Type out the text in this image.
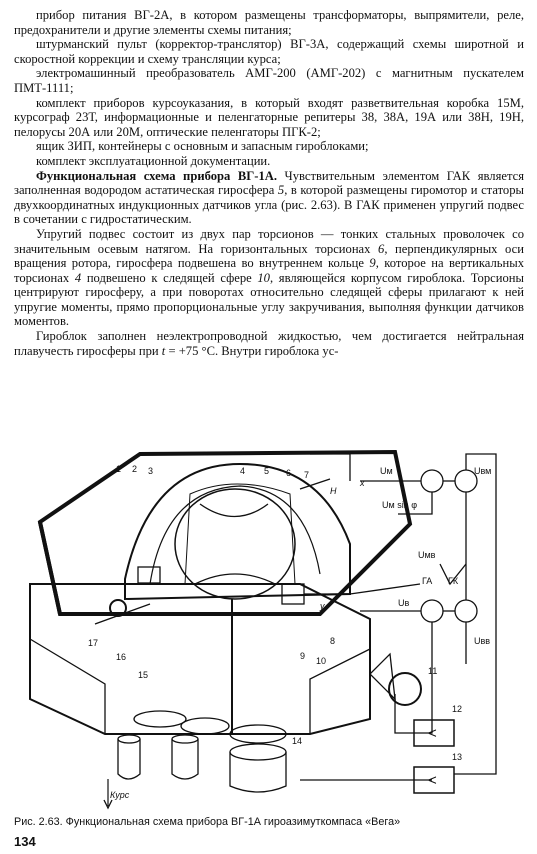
прибор питания ВГ-2А, в котором размещены трансформаторы, выпрямители, реле, предохранители и другие элементы схемы питания;

штурманский пульт (корректор-транслятор) ВГ-3А, содержащий схемы широтной и скоростной коррекции и схему трансляции курса;

электромашинный преобразователь АМГ-200 (АМГ-202) с магнитным пускателем ПМТ-1111;

комплект приборов курсоуказания, в который входят разветвительная коробка 15М, курсограф 23Т, информационные и пеленгаторные репитеры 38, 38А, 19А или 38Н, 19Н, пелорусы 20А или 20М, оптические пеленгаторы ПГК-2;

ящик ЗИП, контейнеры с основным и запасным гироблоками;

комплект эксплуатационной документации.

Функциональная схема прибора ВГ-1А. Чувствительным элементом ГАК является заполненная водородом астатическая гиросфера 5, в которой размещены гиромотор и статоры двухкоординатных индукционных датчиков угла (рис. 2.63). В ГАК применен упругий подвес в сочетании с гидростатическим.

Упругий подвес состоит из двух пар торсионов — тонких стальных проволочек со значительным осевым натягом. На горизонтальных торсионах 6, перпендикулярных оси вращения ротора, гиросфера подвешена во внутреннем кольце 9, которое на вертикальных торсионах 4 подвешено к следящей сфере 10, являющейся корпусом гироблока. Торсионы центрируют гиросферу, а при поворотах относительно следящей сферы прилагают к ней упругие моменты, прямо пропорциональные углу закручивания, выполняя функции датчиков моментов.

Гироблок заполнен неэлектропроводной жидкостью, чем достигается нейтральная плавучесть гиросферы при t = +75 °С. Внутри гироблока ус-

1 2 3	4 5 6 7
8
9 10
11
12
13
14
15
16
17
Uм	Uвм
Uм sin φ
Uмв
Uв
Uвв
H
x
y
ГА ГК
Курс
<
<
Рис. 2.63. Функциональная схема прибора ВГ-1А гироазимуткомпаса «Вега»
134
